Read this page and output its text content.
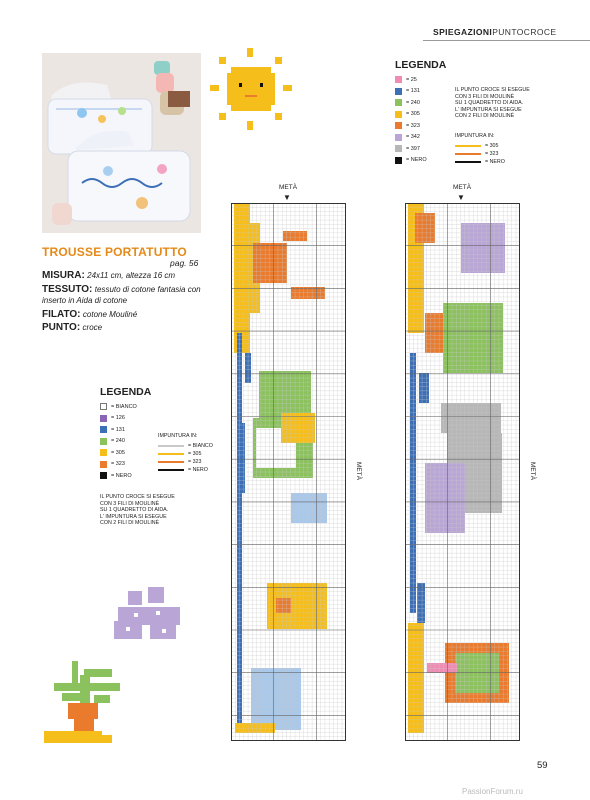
SPIEGAZIONIPUNTOCROCE
TROUSSE PORTATUTTO
pag. 56
MISURA: 24x11 cm, altezza 16 cm
TESSUTO: tessuto di cotone fantasia con inserto in Aida di cotone
FILATO: cotone Mouliné
PUNTO: croce
LEGENDA
= 25
= 131
= 240
= 305
= 323
= 342
= 397
= NERO
IL PUNTO CROCE SI ESEGUE
CON 3 FILI DI MOULINÈ
SU 1 QUADRETTO DI AIDA.
L' IMPUNTURA SI ESEGUE
CON 2 FILI DI MOULINÈ
IMPUNTURA IN:
= 305
= 323
= NERO
LEGENDA
= BIANCO
= 126
= 131
= 240
= 305
= 323
= NERO
IMPUNTURA IN:
= BIANCO
= 305
= 323
= NERO
IL PUNTO CROCE SI ESEGUE
CON 3 FILI DI MOULINÈ
SU 1 QUADRETTO DI AIDA.
L' IMPUNTURA SI ESEGUE
CON 2 FILI DI MOULINÈ
METÀ
▼
METÀ
▼
METÀ	METÀ
59
PassionForum.ru
